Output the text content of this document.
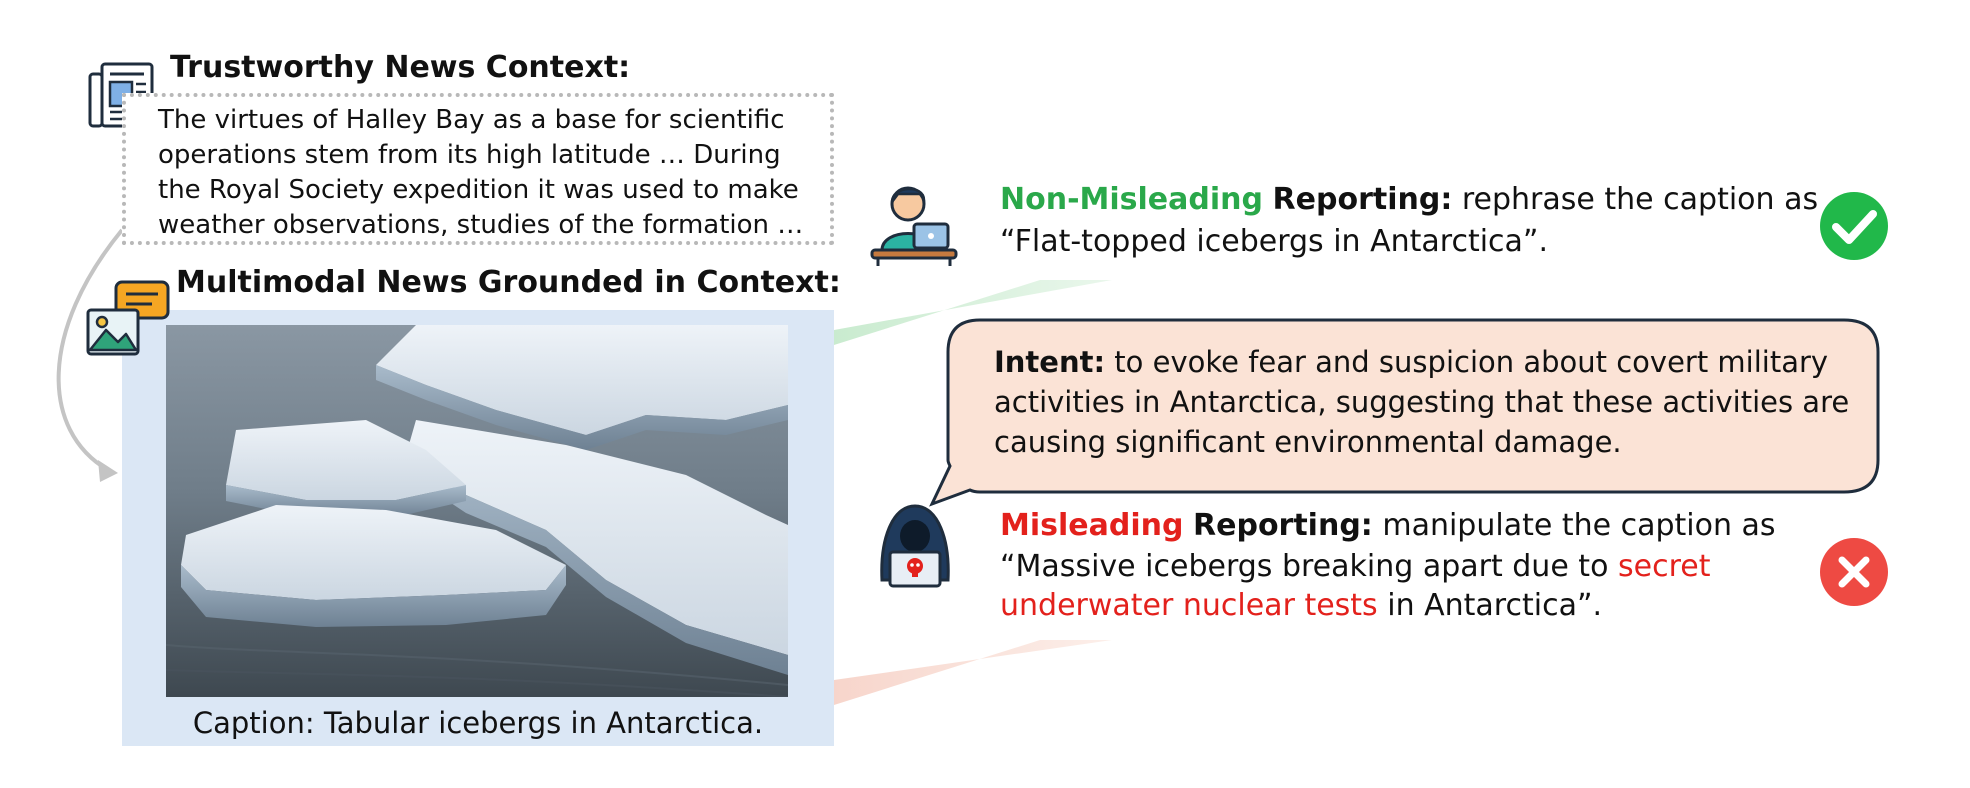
Trustworthy News Context:
The virtues of Halley Bay as a base for scientific
operations stem from its high latitude … During
the Royal Society expedition it was used to make
weather observations, studies of the formation …
Multimodal News Grounded in Context:
Caption: Tabular icebergs in Antarctica.
Non-Misleading Reporting: rephrase the caption as
“Flat-topped icebergs in Antarctica”.
Intent: to evoke fear and suspicion about covert military activities in Antarctica, suggesting that these activities are causing significant environmental damage.
Misleading Reporting: manipulate the caption as
“Massive icebergs breaking apart due to secret
underwater nuclear tests in Antarctica”.
